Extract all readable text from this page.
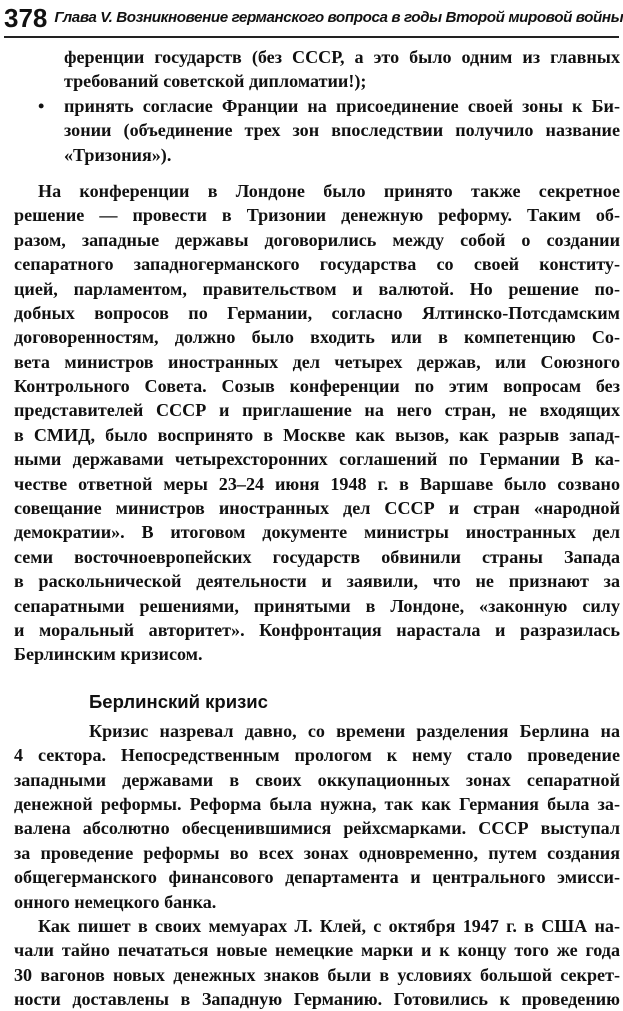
378 Глава V. Возникновение германского вопроса в годы Второй мировой войны
ференции государств (без СССР, а это было одним из главных
требований советской дипломатии!);
• принять согласие Франции на присоединение своей зоны к Би-
зонии (объединение трех зон впоследствии получило название
«Тризония»).
На конференции в Лондоне было принято также секретное
решение — провести в Тризонии денежную реформу. Таким об-
разом, западные державы договорились между собой о создании
сепаратного западногерманского государства со своей конститу-
цией, парламентом, правительством и валютой. Но решение по-
добных вопросов по Германии, согласно Ялтинско-Потсдамским
договоренностям, должно было входить или в компетенцию Со-
вета министров иностранных дел четырех держав, или Союзного
Контрольного Совета. Созыв конференции по этим вопросам без
представителей СССР и приглашение на него стран, не входящих
в СМИД, было воспринято в Москве как вызов, как разрыв запад-
ными державами четырехсторонних соглашений по Германии В ка-
честве ответной меры 23–24 июня 1948 г. в Варшаве было созвано
совещание министров иностранных дел СССР и стран «народной
демократии». В итоговом документе министры иностранных дел
семи восточноевропейских государств обвинили страны Запада
в раскольнической деятельности и заявили, что не признают за
сепаратными решениями, принятыми в Лондоне, «законную силу
и моральный авторитет». Конфронтация нарастала и разразилась
Берлинским кризисом.
Берлинский кризис
Кризис назревал давно, со времени разделения Берлина на
4 сектора. Непосредственным прологом к нему стало проведение
западными державами в своих оккупационных зонах сепаратной
денежной реформы. Реформа была нужна, так как Германия была за-
валена абсолютно обесценившимися рейхсмарками. СССР выступал
за проведение реформы во всех зонах одновременно, путем создания
общегерманского финансового департамента и центрального эмисси-
онного немецкого банка.
Как пишет в своих мемуарах Л. Клей, с октября 1947 г. в США на-
чали тайно печататься новые немецкие марки и к концу того же года
30 вагонов новых денежных знаков были в условиях большой секрет-
ности доставлены в Западную Германию. Готовились к проведению
